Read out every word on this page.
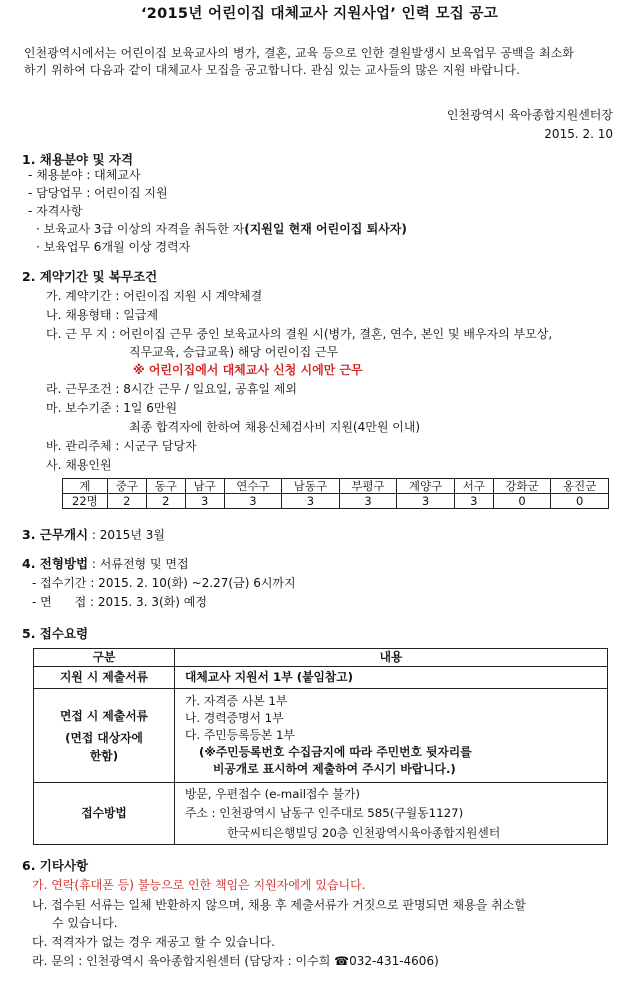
‘2015년 어린이집 대체교사 지원사업’ 인력 모집 공고
인천광역시에서는 어린이집 보육교사의 병가, 결혼, 교육 등으로 인한 결원발생시 보육업무 공백을 최소화
하기 위하여 다음과 같이 대체교사 모집을 공고합니다. 관심 있는 교사들의 많은 지원 바랍니다.
인천광역시 육아종합지원센터장
2015. 2. 10
1. 채용분야 및 자격
- 채용분야 : 대체교사
- 담당업무 : 어린이집 지원
- 자격사항
· 보육교사 3급 이상의 자격을 취득한 자(지원일 현재 어린이집 퇴사자)
· 보육업무 6개월 이상 경력자
2. 계약기간 및 복무조건
가. 계약기간 : 어린이집 지원 시 계약체결
나. 채용형태 : 일급제
다. 근 무 지 : 어린이집 근무 중인 보육교사의 결원 시(병가, 결혼, 연수, 본인 및 배우자의 부모상,
직무교육, 승급교육) 해당 어린이집 근무
※ 어린이집에서 대체교사 신청 시에만 근무
라. 근무조건 : 8시간 근무 / 일요일, 공휴일 제외
마. 보수기준 : 1일 6만원
최종 합격자에 한하여 채용신체검사비 지원(4만원 이내)
바. 관리주체 : 시군구 담당자
사. 채용인원
계	중구	동구	남구	연수구	남동구	부평구	계양구	서구	강화군	옹진군
22명	2	2	3	3	3	3	3	3	0	0
3. 근무개시 : 2015년 3월
4. 전형방법 : 서류전형 및 면접
- 접수기간 : 2015. 2. 10(화) ~2.27(금) 6시까지
- 면      접 : 2015. 3. 3(화) 예정
5. 접수요령
구분	내용
지원 시 제출서류	대체교사 지원서 1부 (붙임참고)

면접 시 제출서류
(면접 대상자에
한함)	가. 자격증 사본 1부
나. 경력증명서 1부
다. 주민등록등본 1부
(※주민등록번호 수집금지에 따라 주민번호 뒷자리를
비공개로 표시하여 제출하여 주시기 바랍니다.)

접수방법	방문, 우편접수 (e-mail접수 불가)
주소 : 인천광역시 남동구 인주대로 585(구월동1127)
한국씨티은행빌딩 20층 인천광역시육아종합지원센터
6. 기타사항
가. 연락(휴대폰 등) 불능으로 인한 책임은 지원자에게 있습니다.
나. 접수된 서류는 일체 반환하지 않으며, 채용 후 제출서류가 거짓으로 판명되면 채용을 취소할
수 있습니다.
다. 적격자가 없는 경우 재공고 할 수 있습니다.
라. 문의 : 인천광역시 육아종합지원센터 (담당자 : 이수희 ☎032-431-4606)
